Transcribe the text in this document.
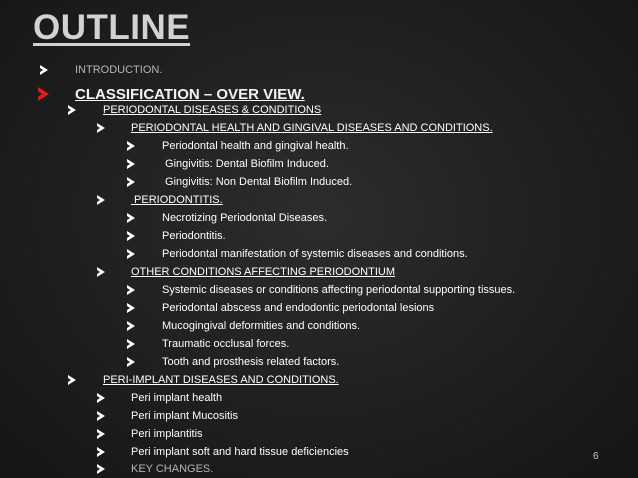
OUTLINE
INTRODUCTION.
CLASSIFICATION – OVER VIEW.
PERIODONTAL DISEASES & CONDITIONS
PERIODONTAL HEALTH AND GINGIVAL DISEASES AND CONDITIONS.
Periodontal health and gingival health.
Gingivitis: Dental Biofilm Induced.
Gingivitis: Non Dental Biofilm Induced.
PERIODONTITIS.
Necrotizing Periodontal Diseases.
Periodontitis.
Periodontal manifestation of systemic diseases and conditions.
OTHER CONDITIONS AFFECTING PERIODONTIUM
Systemic diseases or conditions affecting periodontal supporting tissues.
Periodontal abscess and endodontic periodontal lesions
Mucogingival deformities and conditions.
Traumatic occlusal forces.
Tooth and prosthesis related factors.
PERI-IMPLANT DISEASES AND CONDITIONS.
Peri implant health
Peri implant Mucositis
Peri implantitis
Peri implant soft and hard tissue deficiencies
KEY CHANGES.
6
